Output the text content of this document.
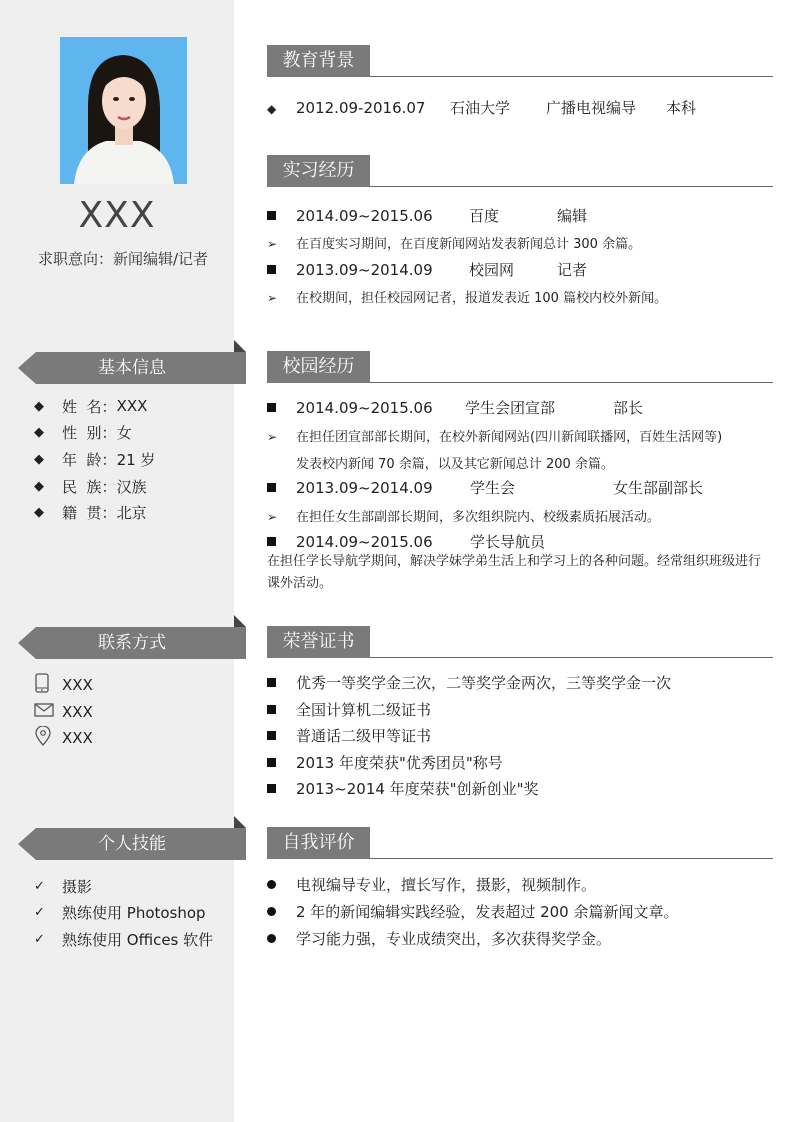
XXX
求职意向：新闻编辑/记者
基本信息
◆	姓  名 ： XXX
◆	性  别 ： 女
◆	年  龄 ： 21 岁
◆	民  族 ： 汉族
◆	籍  贯 ： 北京
联系方式
XXX
XXX
XXX
个人技能
✓	摄影
✓	熟练使用 Photoshop
✓	熟练使用 Offices 软件
教育背景
◆ 2012.09-2016.07 石油大学 广播电视编导 本科
实习经历
2014.09~2015.06 百度	编辑
➢ 在百度实习期间，在百度新闻网站发表新闻总计 300 余篇。
2013.09~2014.09 校园网	记者
➢ 在校期间，担任校园网记者，报道发表近 100 篇校内校外新闻。
校园经历
2014.09~2015.06 学生会团宣部	部长
➢ 在担任团宣部部长期间，在校外新闻网站(四川新闻联播网，百姓生活网等)
发表校内新闻 70 余篇，以及其它新闻总计 200 余篇。
2013.09~2014.09 学生会	女生部副部长
➢ 在担任女生部副部长期间，多次组织院内、校级素质拓展活动。
2014.09~2015.06 学长导航员
在担任学长导航学期间，解决学妹学弟生活上和学习上的各种问题。经常组织班级进行课外活动。
荣誉证书
优秀一等奖学金三次，二等奖学金两次，三等奖学金一次
全国计算机二级证书
普通话二级甲等证书
2013 年度荣获"优秀团员"称号
2013~2014 年度荣获"创新创业"奖
自我评价
电视编导专业，擅长写作，摄影，视频制作。
2 年的新闻编辑实践经验，发表超过 200 余篇新闻文章。
学习能力强，专业成绩突出，多次获得奖学金。
